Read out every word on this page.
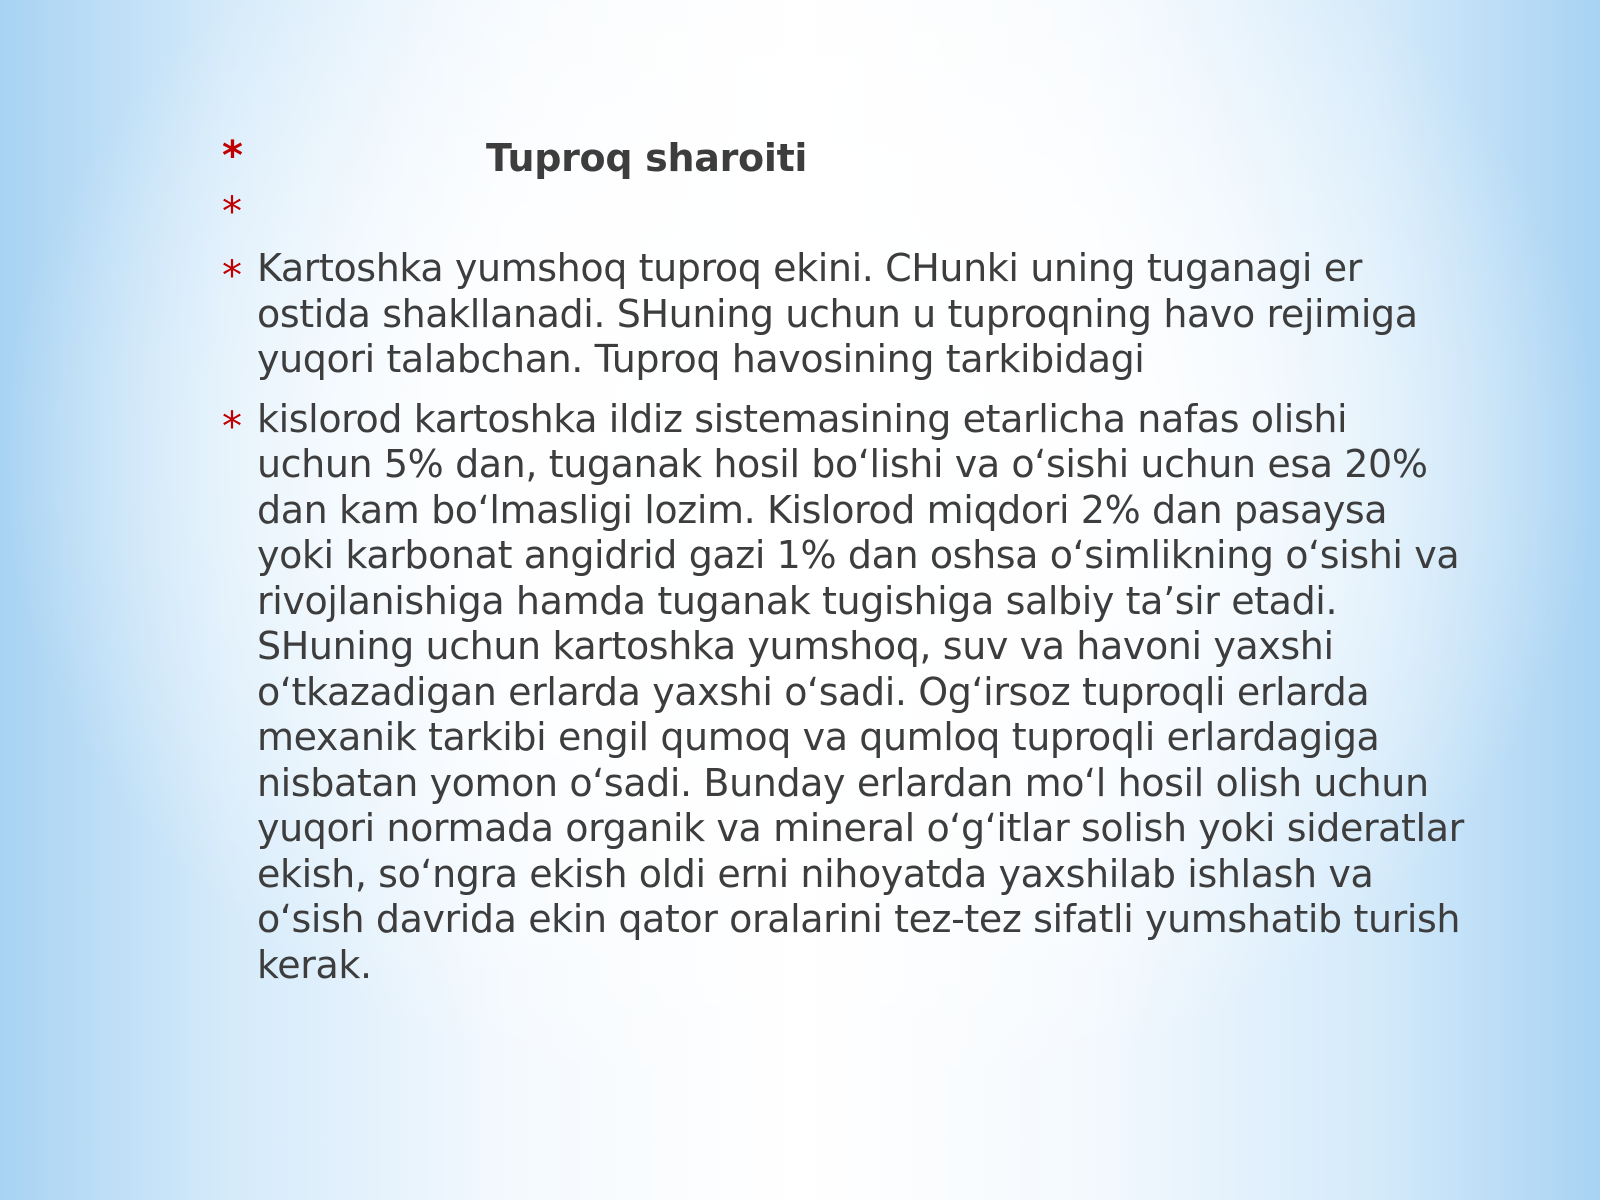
*	Tuproq sharoiti
*
* Kartoshka yumshoq tuproq ekini. CHunki uning tuganagi er ostida shakllanadi. SHuning uchun u tuproqning havo rejimiga yuqori talabchan. Tuproq havosining tarkibidagi
* kislorod kartoshka ildiz sistemasining etarlicha nafas olishi uchun 5% dan, tuganak hosil bo‘lishi va o‘sishi uchun esa 20% dan kam bo‘lmasligi lozim. Kislorod miqdori 2% dan pasaysa yoki karbonat angidrid gazi 1% dan oshsa o‘simlikning o‘sishi va rivojlanishiga hamda tuganak tugishiga salbiy ta’sir etadi. SHuning uchun kartoshka yumshoq, suv va havoni yaxshi o‘tkazadigan erlarda yaxshi o‘sadi. Og‘irsoz tuproqli erlarda mexanik tarkibi engil qumoq va qumloq tuproqli erlardagiga nisbatan yomon o‘sadi. Bunday erlardan mo‘l hosil olish uchun yuqori normada organik va mineral o‘g‘itlar solish yoki sideratlar ekish, so‘ngra ekish oldi erni nihoyatda yaxshilab ishlash va o‘sish davrida ekin qator oralarini tez-tez sifatli yumshatib turish kerak.
